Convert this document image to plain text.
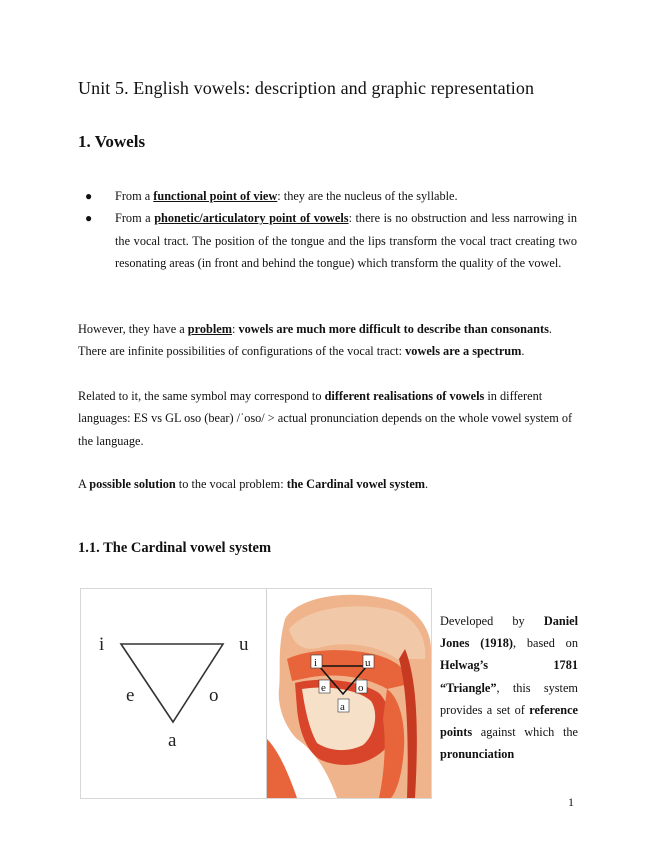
Unit 5. English vowels: description and graphic representation
1. Vowels
● From a functional point of view: they are the nucleus of the syllable.
● From a phonetic/articulatory point of vowels: there is no obstruction and less narrowing in the vocal tract. The position of the tongue and the lips transform the vocal tract creating two resonating areas (in front and behind the tongue) which transform the quality of the vowel.

However, they have a problem: vowels are much more difficult to describe than consonants. There are infinite possibilities of configurations of the vocal tract: vowels are a spectrum.

Related to it, the same symbol may correspond to different realisations of vowels in different languages: ES vs GL oso (bear) /ˈoso/ > actual pronunciation depends on the whole vowel system of the language.

A possible solution to the vocal problem: the Cardinal vowel system.

1.1. The Cardinal vowel system
i	u
e	o
a
i	u
e	o
a

Developed by Daniel Jones (1918), based on Helwag’s 1781 “Triangle”, this system provides a set of reference points against which the pronunciation

1
